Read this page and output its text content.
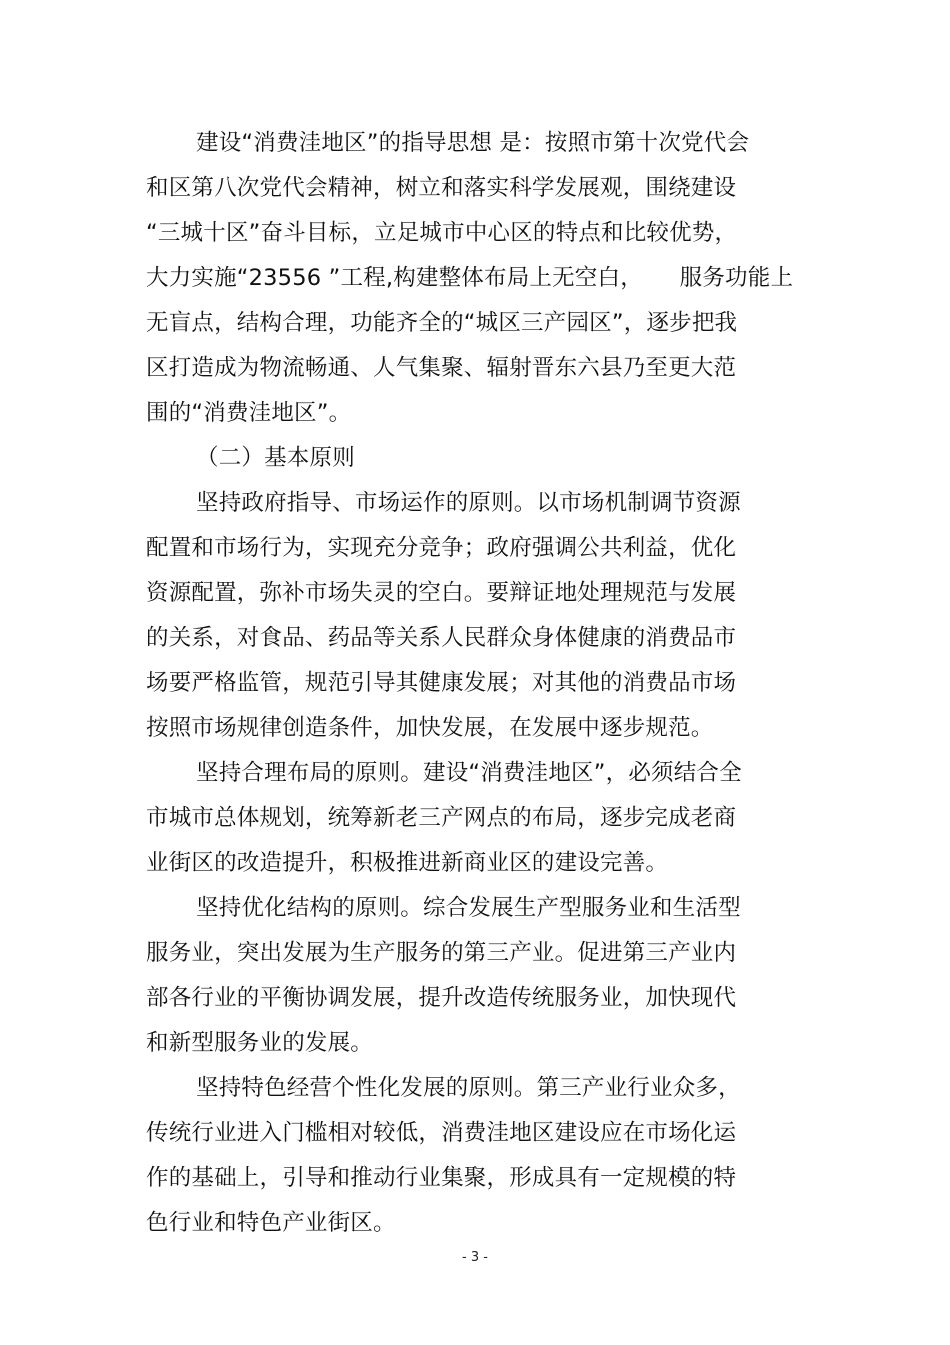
建设“消费洼地区”的指导思想 是：按照市第十次党代会
和区第八次党代会精神，树立和落实科学发展观，围绕建设
“三城十区”奋斗目标，立足城市中心区的特点和比较优势，
大力实施“23556 ”工程,构建整体布局上无空白，     服务功能上
无盲点，结构合理，功能齐全的“城区三产园区”，逐步把我
区打造成为物流畅通、人气集聚、辐射晋东六县乃至更大范
围的“消费洼地区”。
（二）基本原则
坚持政府指导、市场运作的原则。以市场机制调节资源
配置和市场行为，实现充分竞争；政府强调公共利益，优化
资源配置，弥补市场失灵的空白。要辩证地处理规范与发展
的关系，对食品、药品等关系人民群众身体健康的消费品市
场要严格监管，规范引导其健康发展；对其他的消费品市场
按照市场规律创造条件，加快发展，在发展中逐步规范。
坚持合理布局的原则。建设“消费洼地区”，必须结合全
市城市总体规划，统筹新老三产网点的布局，逐步完成老商
业街区的改造提升，积极推进新商业区的建设完善。
坚持优化结构的原则。综合发展生产型服务业和生活型
服务业，突出发展为生产服务的第三产业。促进第三产业内
部各行业的平衡协调发展，提升改造传统服务业，加快现代
和新型服务业的发展。
坚持特色经营个性化发展的原则。第三产业行业众多，
传统行业进入门槛相对较低，消费洼地区建设应在市场化运
作的基础上，引导和推动行业集聚，形成具有一定规模的特
色行业和特色产业街区。
- 3 -
